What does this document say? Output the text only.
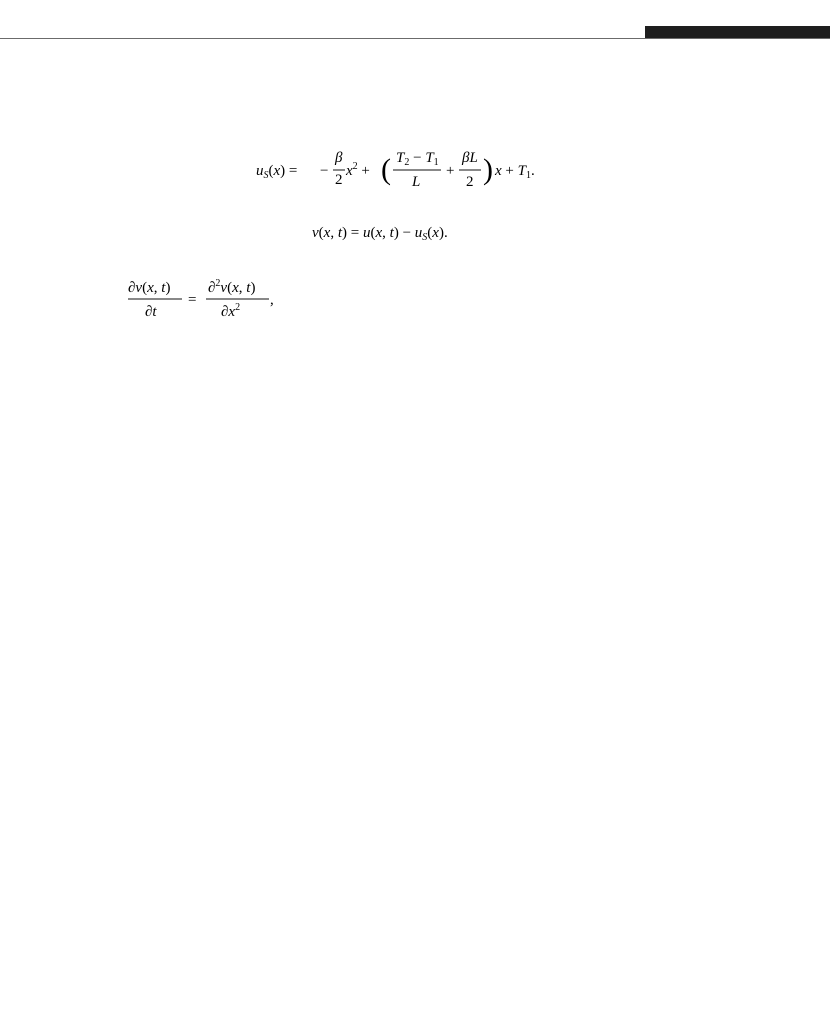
$u_S(x)$ = −
β
2
$x^2$ + ( $T_2 - T_1$
L
+
βL
2 ) $x + T_1$.
v(x, t) = u(x, $t) - u_S(x)$.
∂v(x, t)
∂t
=
∂$^2$v(x, t)
$\partial x^2$ ,
